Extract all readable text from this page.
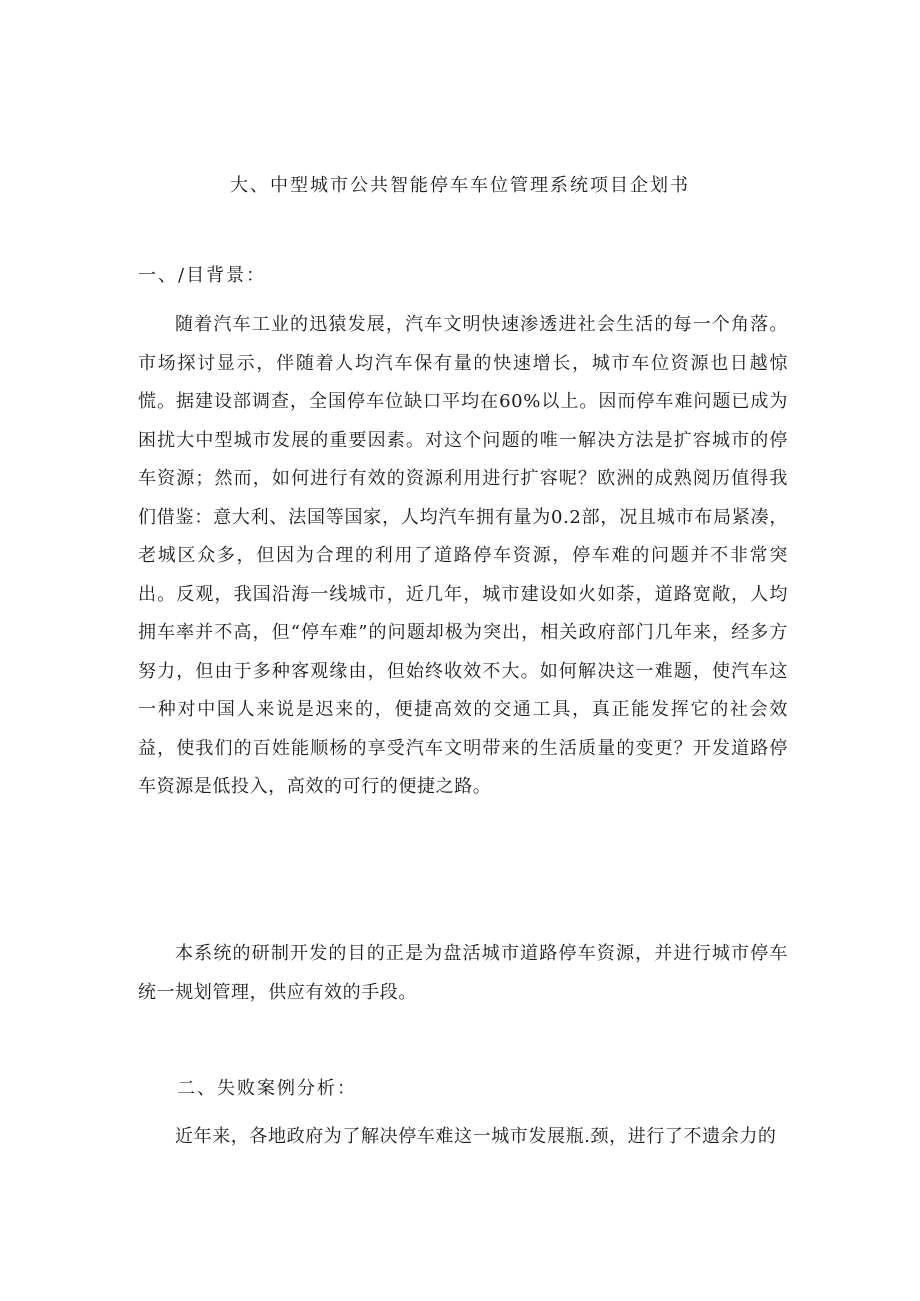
大、中型城市公共智能停车车位管理系统项目企划书
一、/目背景：

随着汽车工业的迅猿发展，汽车文明快速渗透进社会生活的每一个角落。市场探讨显示，伴随着人均汽车保有量的快速增长，城市车位资源也日越惊慌。据建设部调查，全国停车位缺口平均在60%以上。因而停车难问题已成为困扰大中型城市发展的重要因素。对这个问题的唯一解决方法是扩容城市的停车资源；然而，如何进行有效的资源利用进行扩容呢？欧洲的成熟阅历值得我们借鉴：意大利、法国等国家，人均汽车拥有量为0.2部，况且城市布局紧凑，老城区众多，但因为合理的利用了道路停车资源，停车难的问题并不非常突出。反观，我国沿海一线城市，近几年，城市建设如火如荼，道路宽敞，人均拥车率并不高，但“停车难”的问题却极为突出，相关政府部门几年来，经多方努力，但由于多种客观缘由，但始终收效不大。如何解决这一难题，使汽车这一种对中国人来说是迟来的，便捷高效的交通工具，真正能发挥它的社会效益，使我们的百姓能顺杨的享受汽车文明带来的生活质量的变更？开发道路停车资源是低投入，高效的可行的便捷之路。

本系统的研制开发的目的正是为盘活城市道路停车资源，并进行城市停车统一规划管理，供应有效的手段。

二、失败案例分析：

近年来，各地政府为了解决停车难这一城市发展瓶.颈，进行了不遗余力的
